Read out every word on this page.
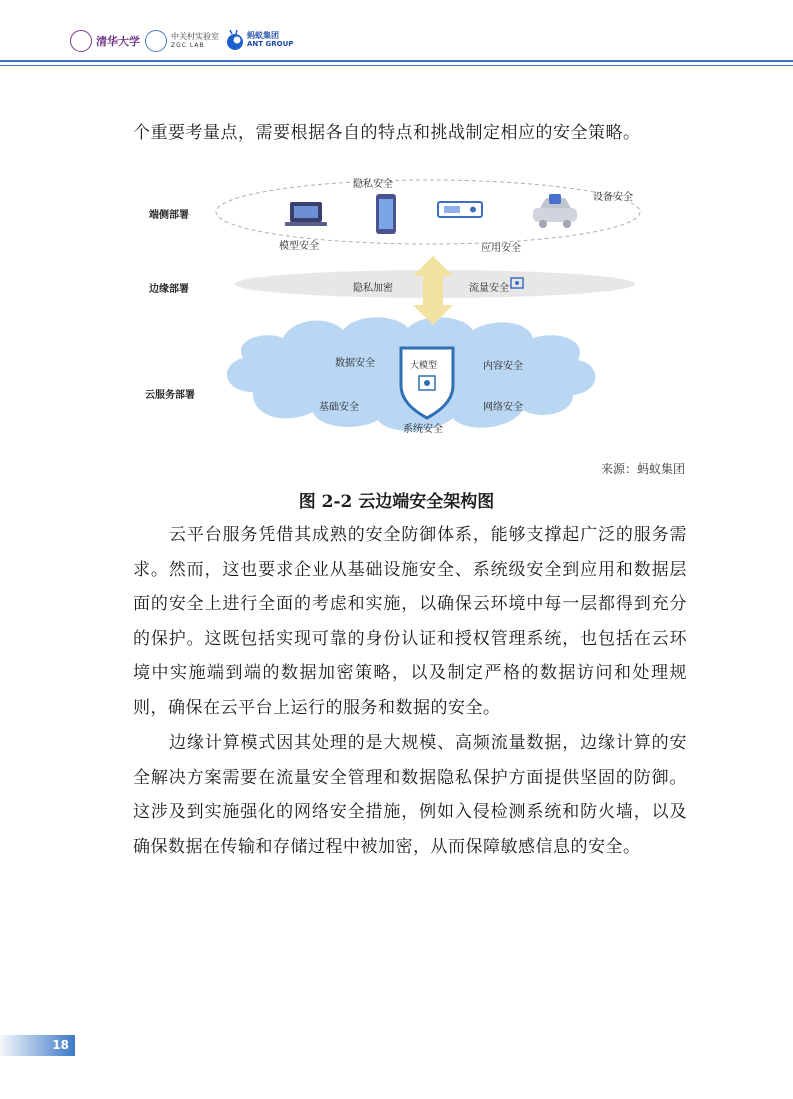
清华大学	中关村实验室
ZGC LAB
蚂蚁集团
ANT GROUP

个重要考量点，需要根据各自的特点和挑战制定相应的安全策略。

端侧部署
边缘部署
云服务部署
隐私安全
设备安全
模型安全	应用安全
隐私加密	流量安全
数据安全	内容安全
基础安全	网络安全
系统安全
大模型
来源：蚂蚁集团
图 2-2 云边端安全架构图

云平台服务凭借其成熟的安全防御体系，能够支撑起广泛的服务需求。然而，这也要求企业从基础设施安全、系统级安全到应用和数据层面的安全上进行全面的考虑和实施，以确保云环境中每一层都得到充分的保护。这既包括实现可靠的身份认证和授权管理系统，也包括在云环境中实施端到端的数据加密策略，以及制定严格的数据访问和处理规则，确保在云平台上运行的服务和数据的安全。

边缘计算模式因其处理的是大规模、高频流量数据，边缘计算的安全解决方案需要在流量安全管理和数据隐私保护方面提供坚固的防御。这涉及到实施强化的网络安全措施，例如入侵检测系统和防火墙，以及确保数据在传输和存储过程中被加密，从而保障敏感信息的安全。

18
